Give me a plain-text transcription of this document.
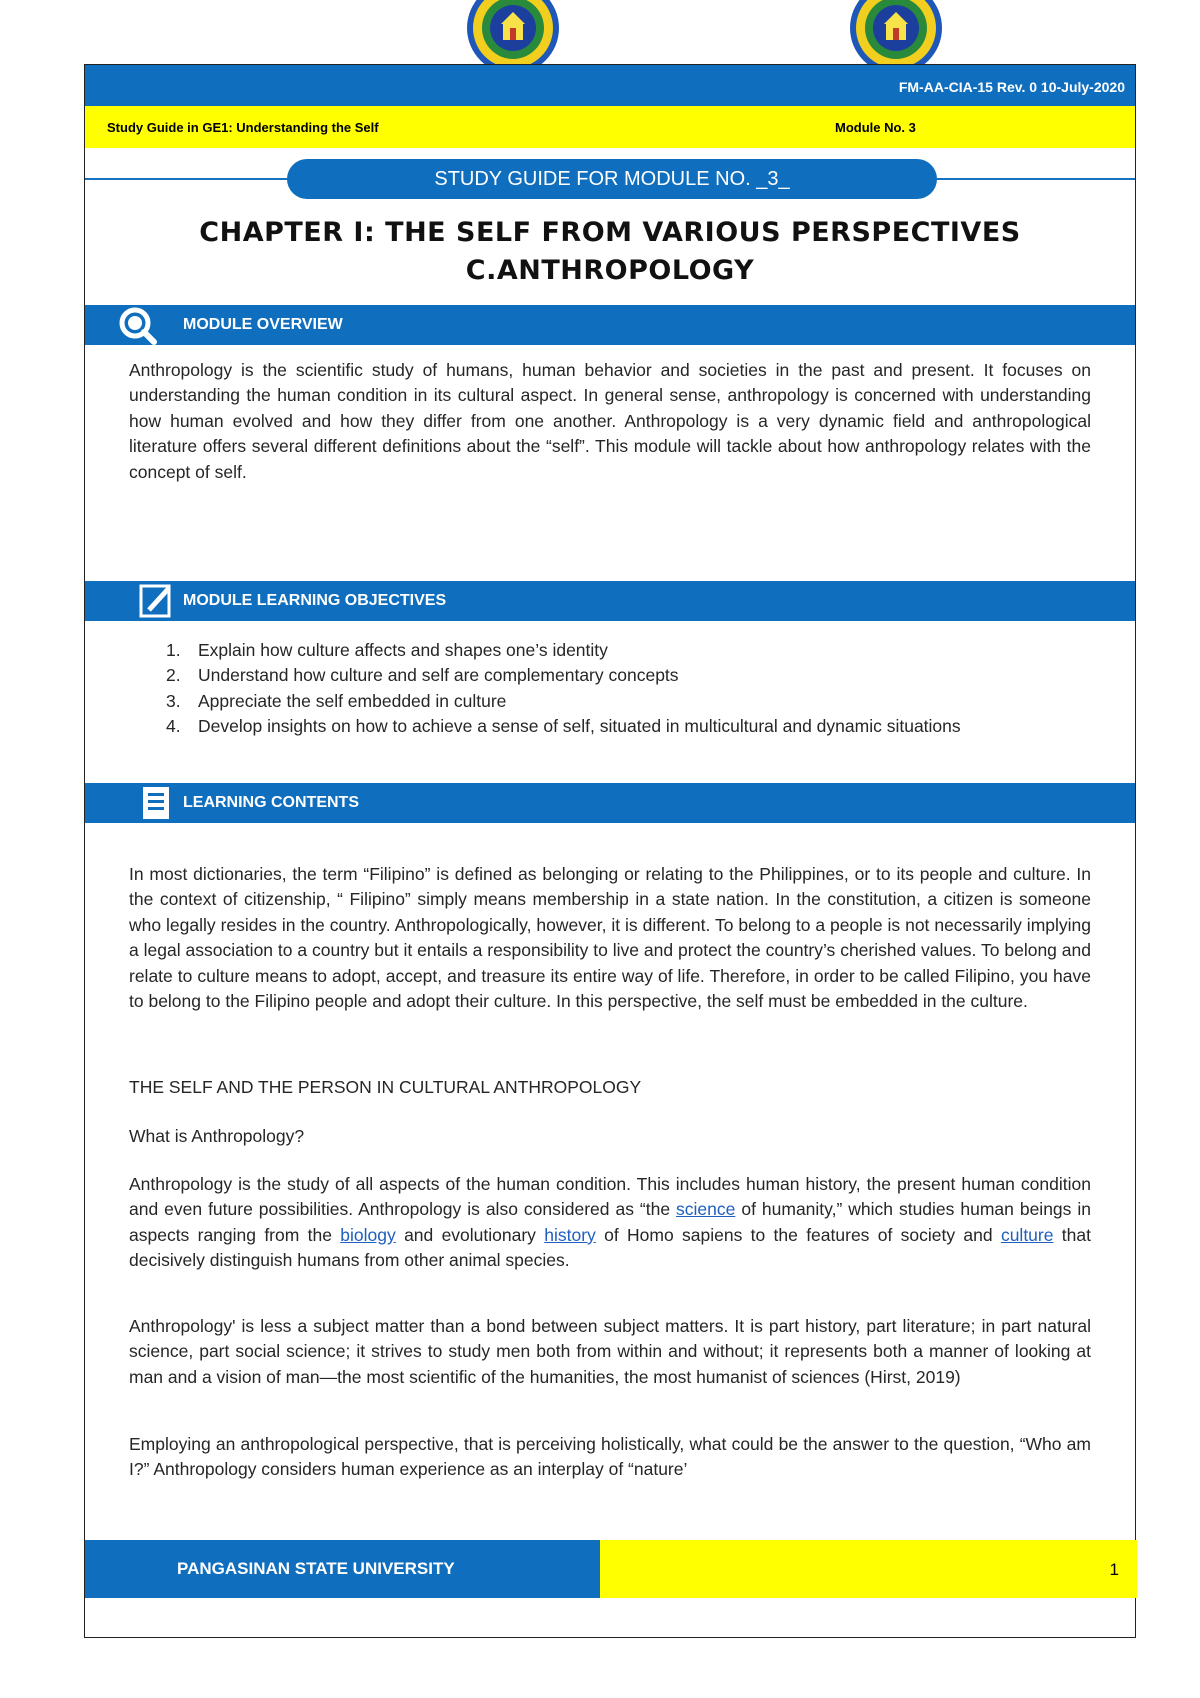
FM-AA-CIA-15 Rev. 0 10-July-2020
Study Guide in GE1: Understanding the Self	Module No. 3
STUDY GUIDE FOR MODULE NO. _3_
CHAPTER I: THE SELF FROM VARIOUS PERSPECTIVES
C.ANTHROPOLOGY
MODULE OVERVIEW

Anthropology is the scientific study of humans, human behavior and societies in the past and present. It focuses on understanding the human condition in its cultural aspect. In general sense, anthropology is concerned with understanding how human evolved and how they differ from one another. Anthropology is a very dynamic field and anthropological literature offers several different definitions about the “self”. This module will tackle about how anthropology relates with the concept of self.

MODULE LEARNING OBJECTIVES
1. Explain how culture affects and shapes one’s identity
2. Understand how culture and self are complementary concepts
3. Appreciate the self embedded in culture
4. Develop insights on how to achieve a sense of self, situated in multicultural and dynamic situations
LEARNING CONTENTS

In most dictionaries, the term “Filipino” is defined as belonging or relating to the Philippines, or to its people and culture. In the context of citizenship, “ Filipino” simply means membership in a state nation. In the constitution, a citizen is someone who legally resides in the country. Anthropologically, however, it is different. To belong to a people is not necessarily implying a legal association to a country but it entails a responsibility to live and protect the country’s cherished values. To belong and relate to culture means to adopt, accept, and treasure its entire way of life. Therefore, in order to be called Filipino, you have to belong to the Filipino people and adopt their culture. In this perspective, the self must be embedded in the culture.

THE SELF AND THE PERSON IN CULTURAL ANTHROPOLOGY

What is Anthropology?

Anthropology is the study of all aspects of the human condition. This includes human history, the present human condition and even future possibilities. Anthropology is also considered as “the science of humanity,” which studies human beings in aspects ranging from the biology and evolutionary history of Homo sapiens to the features of society and culture that decisively distinguish humans from other animal species.

Anthropology' is less a subject matter than a bond between subject matters. It is part history, part literature; in part natural science, part social science; it strives to study men both from within and without; it represents both a manner of looking at man and a vision of man—the most scientific of the humanities, the most humanist of sciences (Hirst, 2019)

Employing an anthropological perspective, that is perceiving holistically, what could be the answer to the question, “Who am I?” Anthropology considers human experience as an interplay of “nature’

PANGASINAN STATE UNIVERSITY	1
